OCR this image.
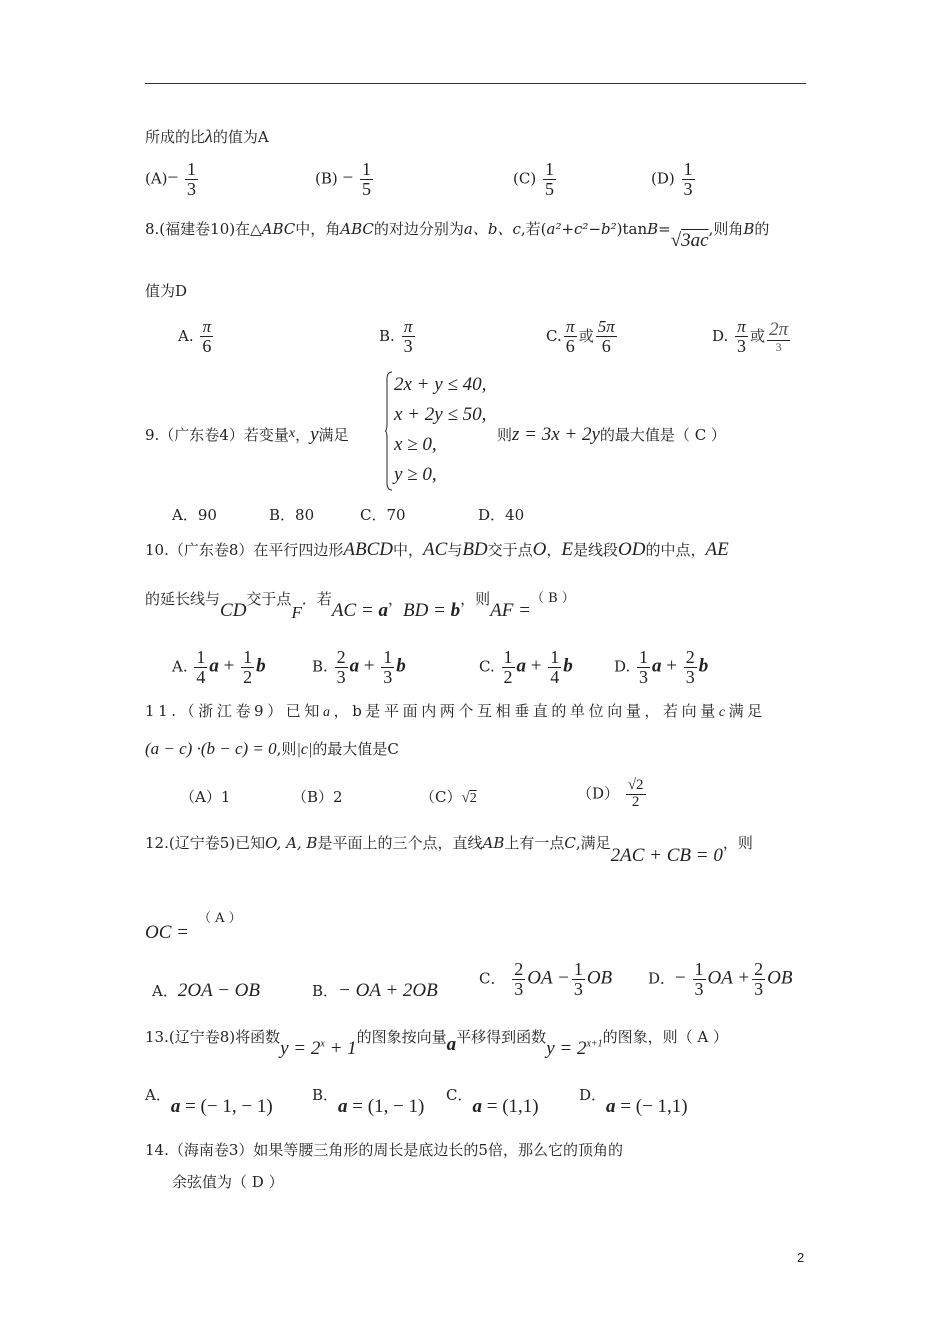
所成的比λ的值为A
$(A)- \frac{1}{3}$	$(B) - \frac{1}{5}$	$(C) \frac{1}{5}$	$(D) \frac{1}{3}$
8.(福建卷10)在△ABC中，角ABC的对边分别为a、b、c,若(a²+c²−b²)tanB=√3ac,则角B的
值为D
A. $\frac{\pi}{6}$	B. $\frac{\pi}{3}$	C. $\frac{\pi}{6}$ 或 $\frac{5\pi}{6}$	D. $\frac{\pi}{3}$ 或 $\frac{2\pi}{3}$
2x + y ≤ 40,
x + 2y ≤ 50,
x ≥ 0,
y ≥ 0,
9.（广东卷4）若变量x，y满足	则z = 3x + 2y的最大值是（ C ）
A．90	B．80	C．70	D．40
10.（广东卷8）在平行四边形ABCD中，AC与BD交于点O，E是线段OD的中点，AE
的延长线与CD交于点F．若AC = a，BD = b，则AF =（ B ）
A. $\frac{1}{4}$ $a + \frac{1}{2}$ b	B. $\frac{2}{3}$ $a + \frac{1}{3}$ b	C. $\frac{1}{2}$ $a + \frac{1}{4}$ b	D. $\frac{1}{3}$ $a + \frac{2}{3}$ b
11.（浙江卷9）已知a，b是平面内两个互相垂直的单位向量，若向量c满足
(a − c) ·(b − c) = 0,则|c|的最大值是C
（A）1	（B）2	（C）√2	$(D) \frac{√2}{2}$
12.(辽宁卷5)已知O, A, B是平面上的三个点，直线AB上有一点C,满足2AC + CB = 0，则
（ A ）
OC =
A．2OA − OB	B．− OA + 2OB
C． $\frac{2}{3}$ OA − $\frac{1}{3}$ OB D．− $\frac{1}{3}$ OA + $\frac{2}{3}$ OB
13.(辽宁卷8)将函数$y = 2^x + 1$的图象按向量a平移得到函数$y = 2^{x+1}$的图象，则（ A ）
A．a = (− 1, − 1)
B．a = (1, − 1)
C．a = (1,1)
D．a = (− 1,1)
14.（海南卷3）如果等腰三角形的周长是底边长的5倍，那么它的顶角的
余弦值为（ D ）
2
